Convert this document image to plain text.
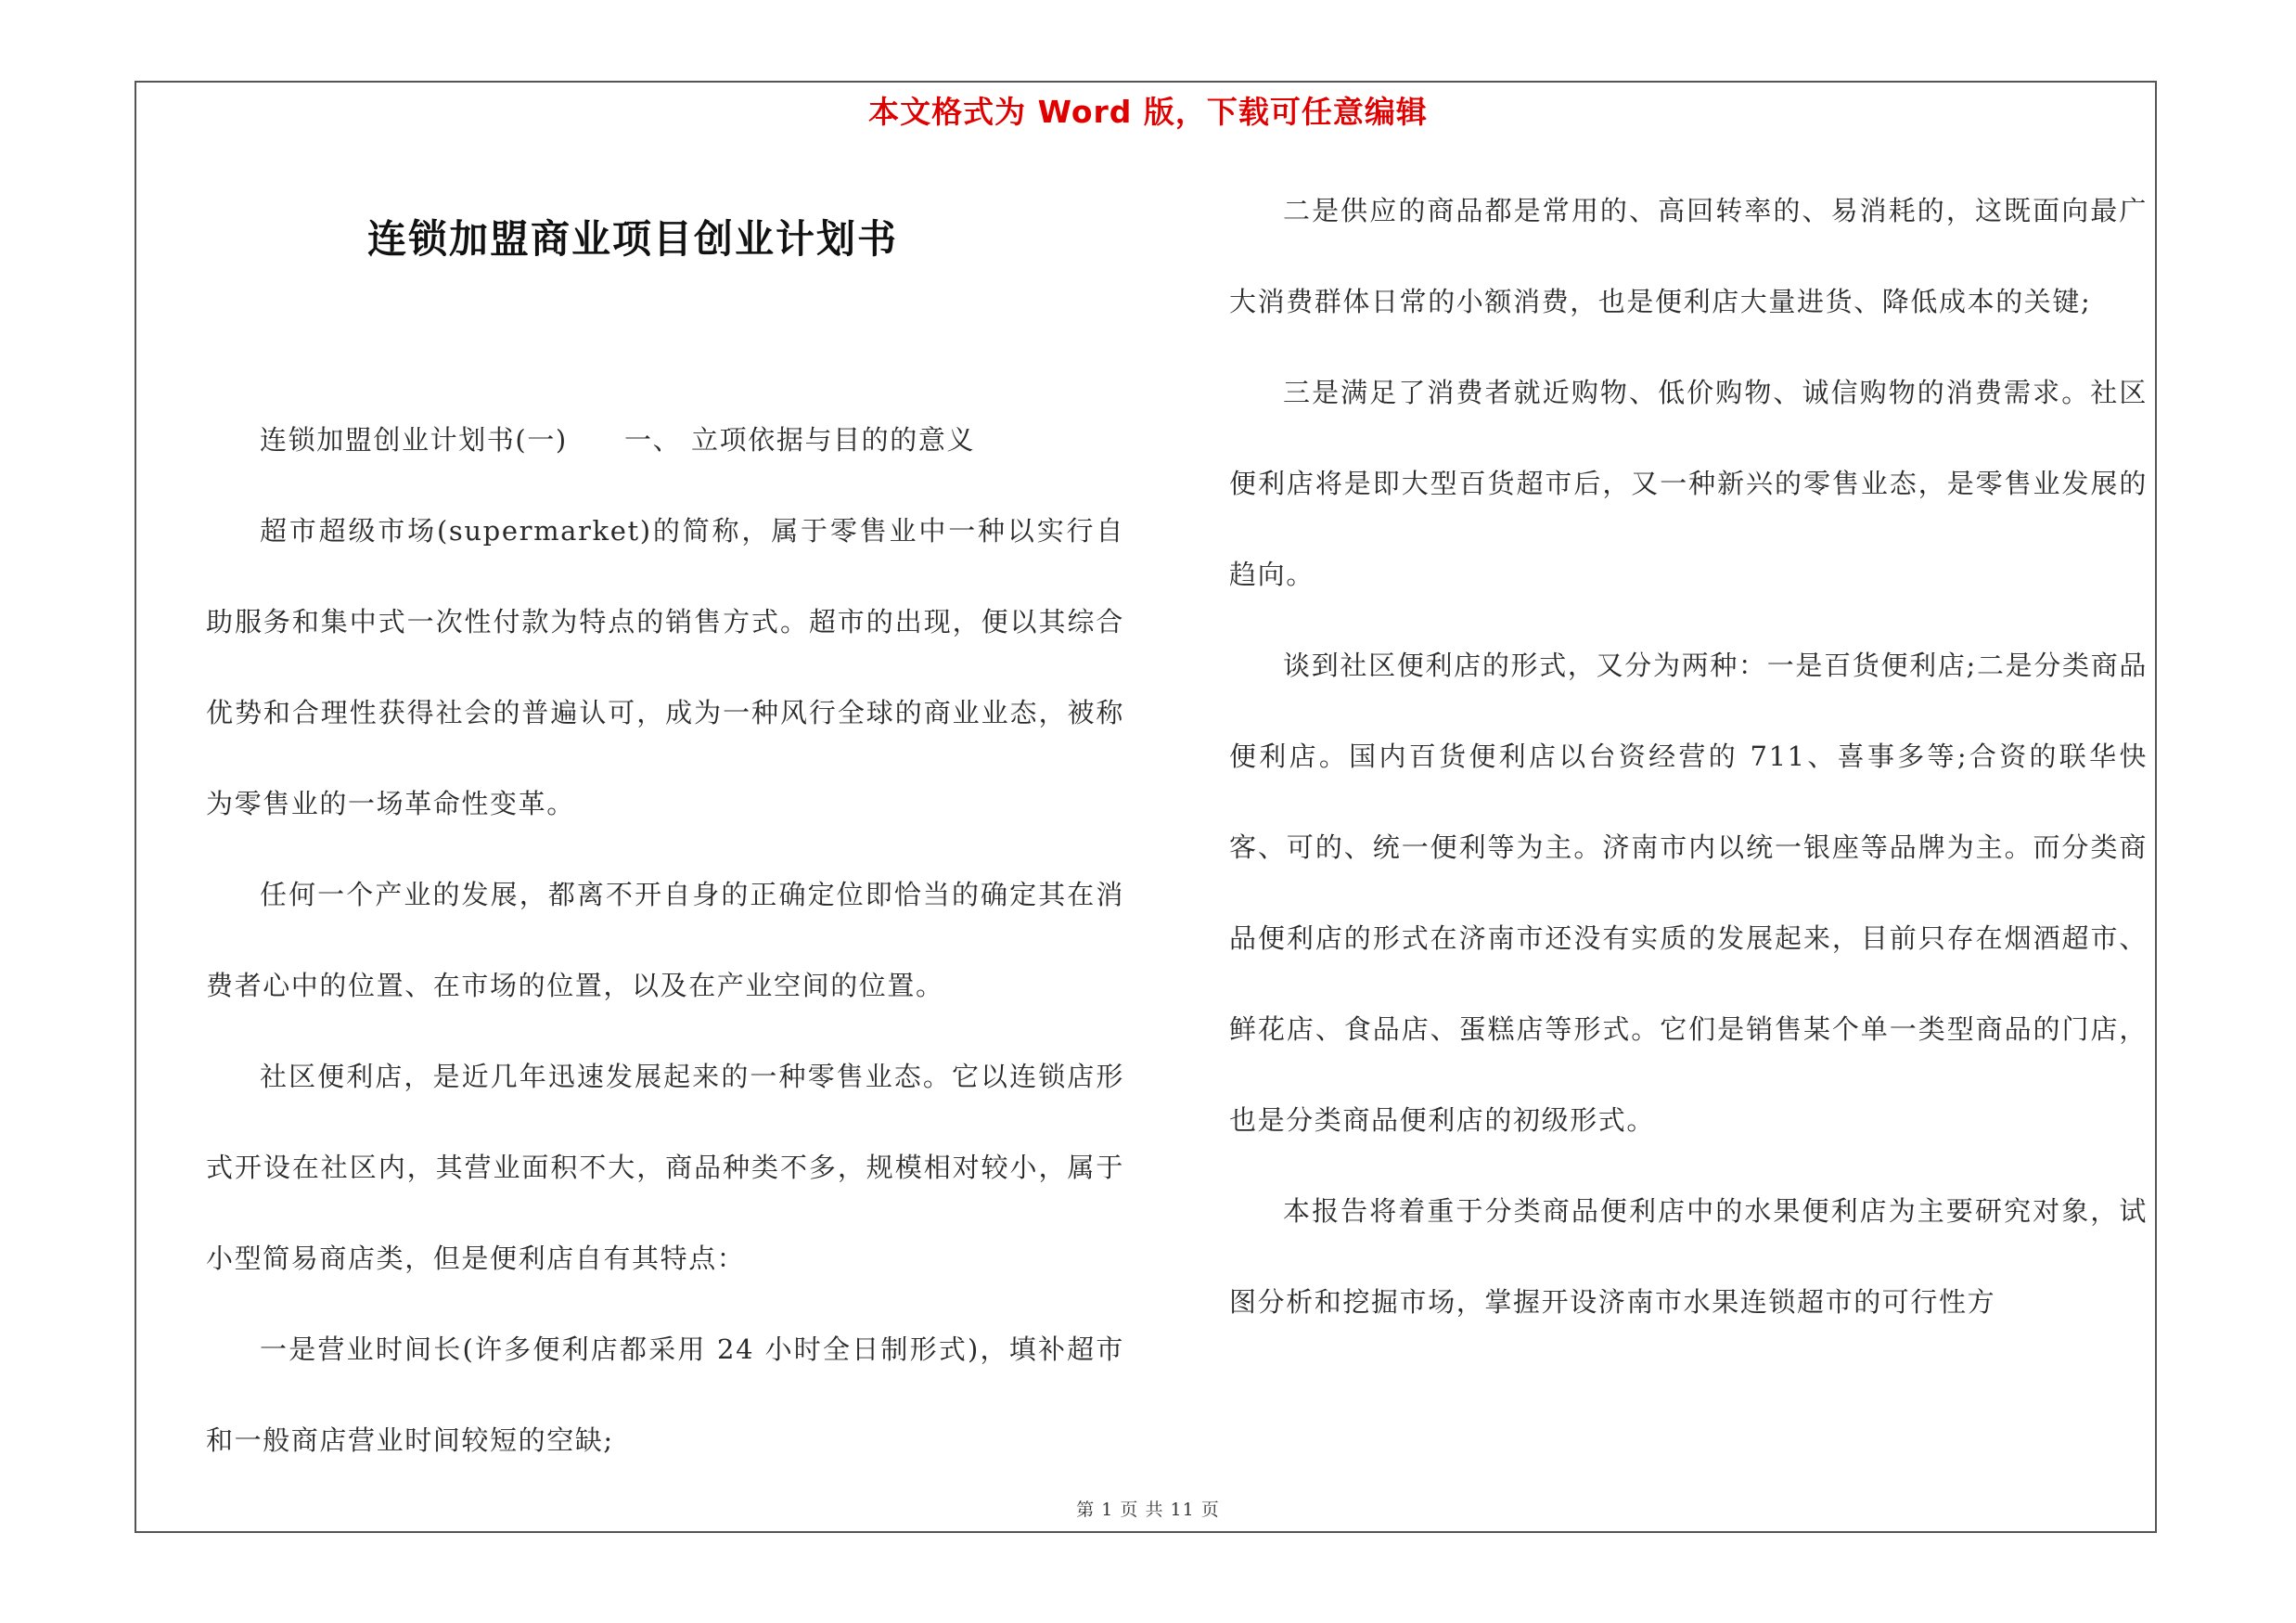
本文格式为 Word 版，下载可任意编辑
连锁加盟商业项目创业计划书

连锁加盟创业计划书(一)　　一、 立项依据与目的的意义

超市超级市场(supermarket)的简称，属于零售业中一种以实行自助服务和集中式一次性付款为特点的销售方式。超市的出现，便以其综合优势和合理性获得社会的普遍认可，成为一种风行全球的商业业态，被称为零售业的一场革命性变革。

任何一个产业的发展，都离不开自身的正确定位即恰当的确定其在消费者心中的位置、在市场的位置，以及在产业空间的位置。

社区便利店，是近几年迅速发展起来的一种零售业态。它以连锁店形式开设在社区内，其营业面积不大，商品种类不多，规模相对较小，属于小型简易商店类，但是便利店自有其特点：

一是营业时间长(许多便利店都采用 24 小时全日制形式)，填补超市和一般商店营业时间较短的空缺;

二是供应的商品都是常用的、高回转率的、易消耗的，这既面向最广大消费群体日常的小额消费，也是便利店大量进货、降低成本的关键;

三是满足了消费者就近购物、低价购物、诚信购物的消费需求。社区便利店将是即大型百货超市后，又一种新兴的零售业态，是零售业发展的趋向。

谈到社区便利店的形式，又分为两种：一是百货便利店;二是分类商品便利店。国内百货便利店以台资经营的 711、喜事多等;合资的联华快客、可的、统一便利等为主。济南市内以统一银座等品牌为主。而分类商品便利店的形式在济南市还没有实质的发展起来，目前只存在烟酒超市、鲜花店、食品店、蛋糕店等形式。它们是销售某个单一类型商品的门店，也是分类商品便利店的初级形式。

本报告将着重于分类商品便利店中的水果便利店为主要研究对象，试图分析和挖掘市场，掌握开设济南市水果连锁超市的可行性方

第 1 页 共 11 页
